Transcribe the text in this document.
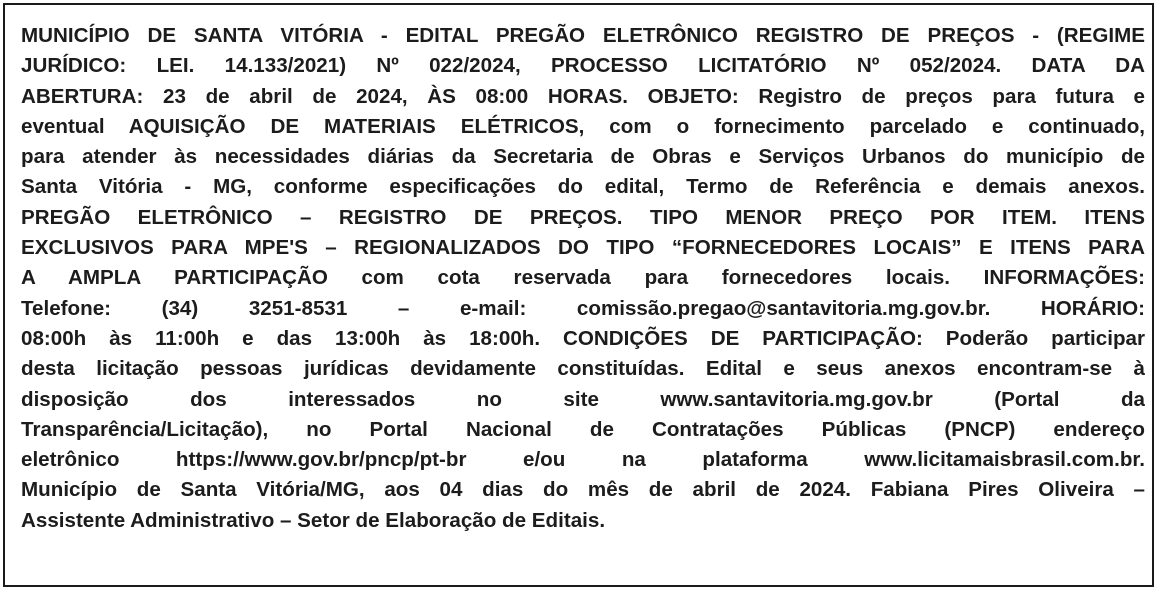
MUNICÍPIO DE SANTA VITÓRIA - EDITAL PREGÃO ELETRÔNICO REGISTRO DE PREÇOS - (REGIME
JURÍDICO: LEI. 14.133/2021) Nº 022/2024, PROCESSO LICITATÓRIO Nº 052/2024. DATA DA
ABERTURA: 23 de abril de 2024, ÀS 08:00 HORAS. OBJETO: Registro de preços para futura e
eventual AQUISIÇÃO DE MATERIAIS ELÉTRICOS, com o fornecimento parcelado e continuado,
para atender às necessidades diárias da Secretaria de Obras e Serviços Urbanos do município de
Santa Vitória - MG, conforme especificações do edital, Termo de Referência e demais anexos.
PREGÃO ELETRÔNICO – REGISTRO DE PREÇOS. TIPO MENOR PREÇO POR ITEM. ITENS
EXCLUSIVOS PARA MPE'S – REGIONALIZADOS DO TIPO “FORNECEDORES LOCAIS” E ITENS PARA
A AMPLA PARTICIPAÇÃO com cota reservada para fornecedores locais. INFORMAÇÕES:
Telefone: (34) 3251-8531 – e-mail: comissão.pregao@santavitoria.mg.gov.br. HORÁRIO:
08:00h às 11:00h e das 13:00h às 18:00h. CONDIÇÕES DE PARTICIPAÇÃO: Poderão participar
desta licitação pessoas jurídicas devidamente constituídas. Edital e seus anexos encontram-se à
disposição dos interessados no site www.santavitoria.mg.gov.br (Portal da
Transparência/Licitação), no Portal Nacional de Contratações Públicas (PNCP) endereço
eletrônico https://www.gov.br/pncp/pt-br e/ou na plataforma www.licitamaisbrasil.com.br.
Município de Santa Vitória/MG, aos 04 dias do mês de abril de 2024. Fabiana Pires Oliveira –
Assistente Administrativo – Setor de Elaboração de Editais.
